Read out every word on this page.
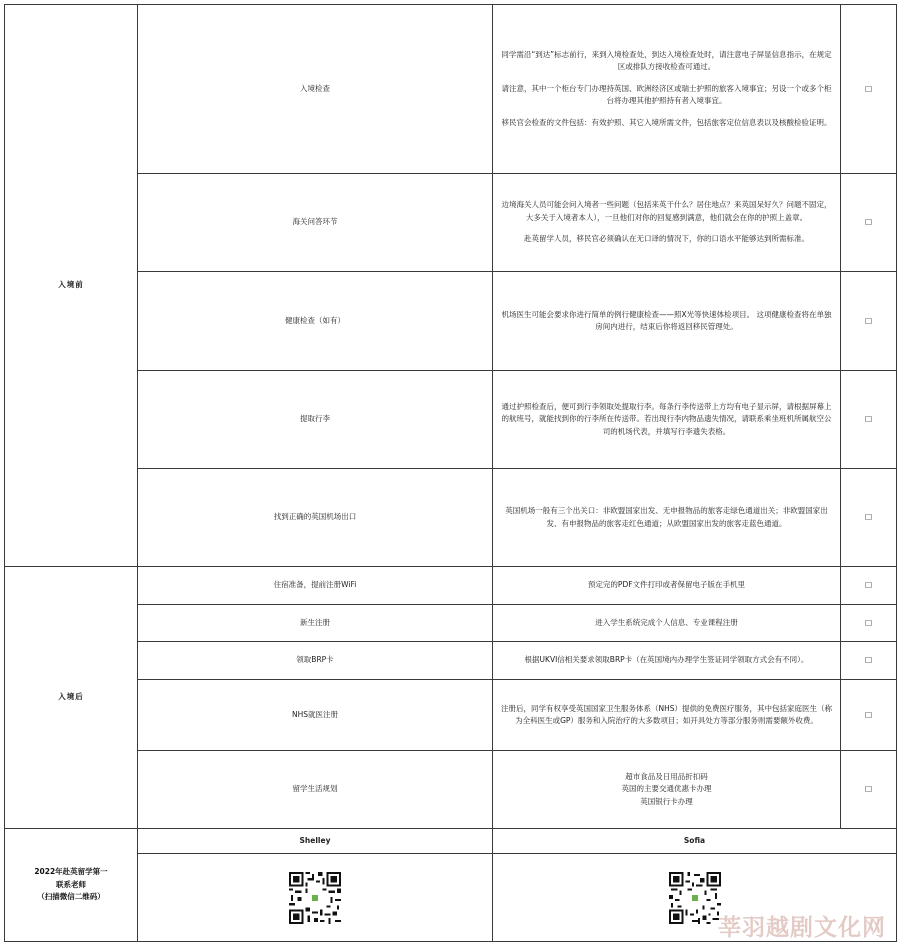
入境前	入境检查	同学需沿“到达”标志前行，来到入境检查处，到达入境检查处时，请注意电子屏显信息指示，在规定区或排队方接收检查可通过。

请注意，其中一个柜台专门办理持英国、欧洲经济区或瑞士护照的旅客入境事宜；另设一个或多个柜台将办理其他护照持有者入境事宜。

移民官会检查的文件包括：有效护照、其它入境所需文件，包括旅客定位信息表以及核酸检验证明。	□
	海关问答环节	边境海关人员可能会问入境者一些问题（包括来英干什么？居住地点？来英国呆好久？问题不固定，大多关于入境者本人），一旦他们对你的回复感到满意，他们就会在你的护照上盖章。

赴英留学人员，移民官必须确认在无口译的情况下，你的口语水平能够达到所需标准。	□
	健康检查（如有）	机场医生可能会要求你进行简单的例行健康检查——照X光等快速体检项目。 这项健康检查将在单独房间内进行，结束后你将返回移民管理处。	□
	提取行李	通过护照检查后，便可到行李领取处提取行李。每条行李传送带上方均有电子显示屏，请根据屏幕上的航班号，就能找到你的行李所在传送带。若出现行李内物品遗失情况，请联系乘坐班机所属航空公司的机场代表，并填写行李遗失表格。	□
	找到正确的英国机场出口	英国机场一般有三个出关口：非欧盟国家出发、无申报物品的旅客走绿色通道出关；非欧盟国家出发、有申报物品的旅客走红色通道；从欧盟国家出发的旅客走蓝色通道。	□
入境后	住宿准备，提前注册WiFi	预定完的PDF文件打印或者保留电子版在手机里	□
	新生注册	进入学生系统完成个人信息、专业课程注册	□
	领取BRP卡	根据UKVI信相关要求领取BRP卡（在英国境内办理学生签证同学领取方式会有不同）。	□
	NHS就医注册	注册后，同学有权享受英国国家卫生服务体系（NHS）提供的免费医疗服务，其中包括家庭医生（称为全科医生或GP）服务和入院治疗的大多数项目；如开具处方等部分服务则需要额外收费。	□
	留学生活规划	超市食品及日用品折扣码

英国的主要交通优惠卡办理

英国银行卡办理	□

2022年赴英留学第一
联系老师
（扫描微信二维码）	Shelley	Sofia	

莘羽越剧文化网
